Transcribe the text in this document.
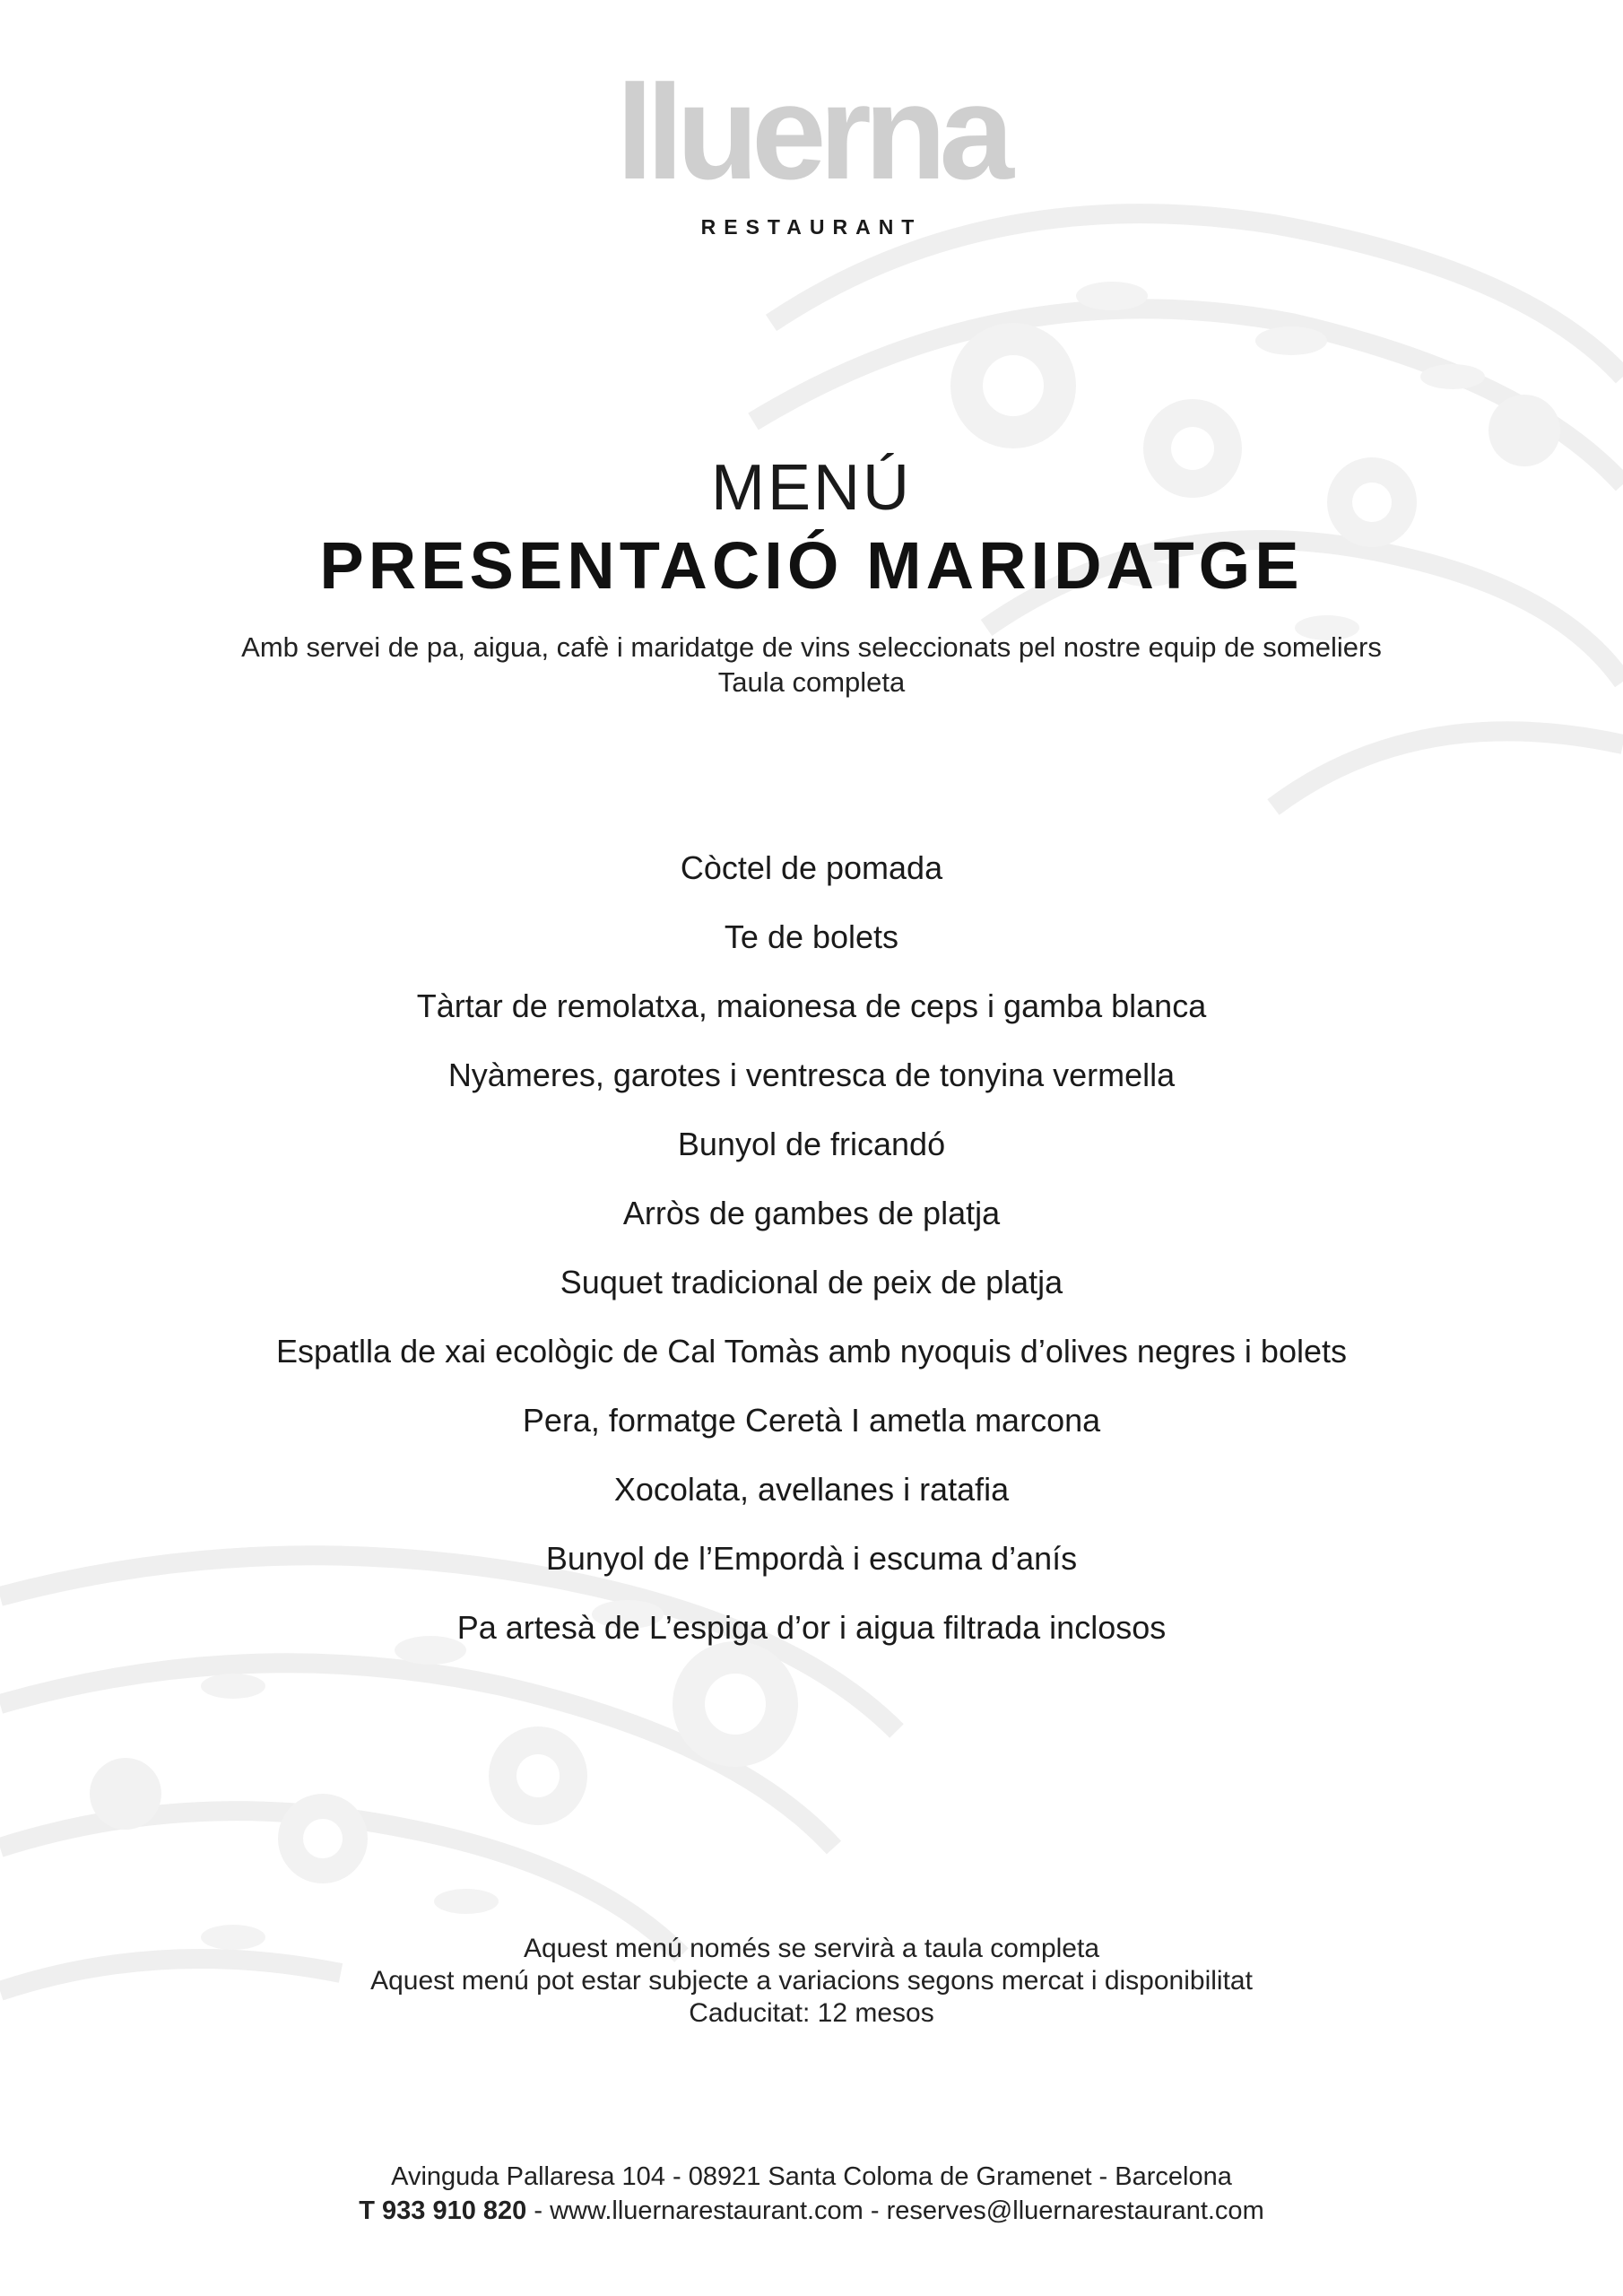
lluerna
RESTAURANT
MENÚ
PRESENTACIÓ MARIDATGE
Amb servei de pa, aigua, cafè i maridatge de vins seleccionats pel nostre equip de someliers
Taula completa
Còctel de pomada
Te de bolets
Tàrtar de remolatxa, maionesa de ceps i gamba blanca
Nyàmeres, garotes i ventresca de tonyina vermella
Bunyol de fricandó
Arròs de gambes de platja
Suquet tradicional de peix de platja
Espatlla de xai ecològic de Cal Tomàs amb nyoquis d’olives negres i bolets
Pera, formatge Ceretà I ametla marcona
Xocolata, avellanes i ratafia
Bunyol de l’Empordà i escuma d’anís
Pa artesà de L’espiga d’or i aigua filtrada inclosos
Aquest menú només se servirà a taula completa
Aquest menú pot estar subjecte a variacions segons mercat i disponibilitat
Caducitat: 12 mesos
Avinguda Pallaresa 104 - 08921 Santa Coloma de Gramenet - Barcelona
T 933 910 820 - www.lluernarestaurant.com - reserves@lluernarestaurant.com
